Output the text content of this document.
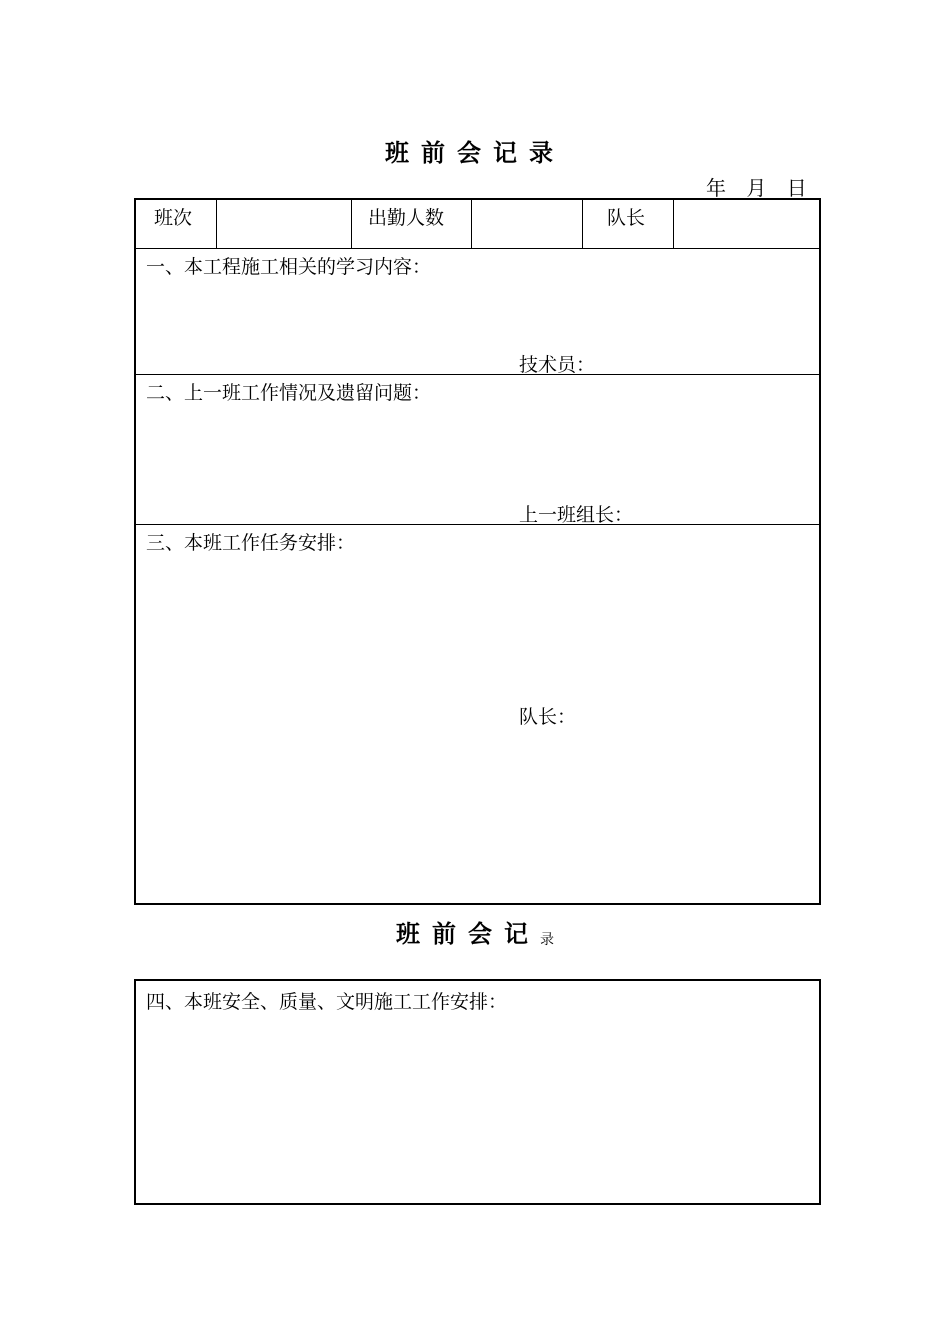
班前会记录
年 月 日
班次	出勤人数	队长
一、本工程施工相关的学习内容：
技术员：
二、上一班工作情况及遗留问题：
上一班组长：
三、本班工作任务安排：
队长：
班前会记录
四、本班安全、质量、文明施工工作安排：
